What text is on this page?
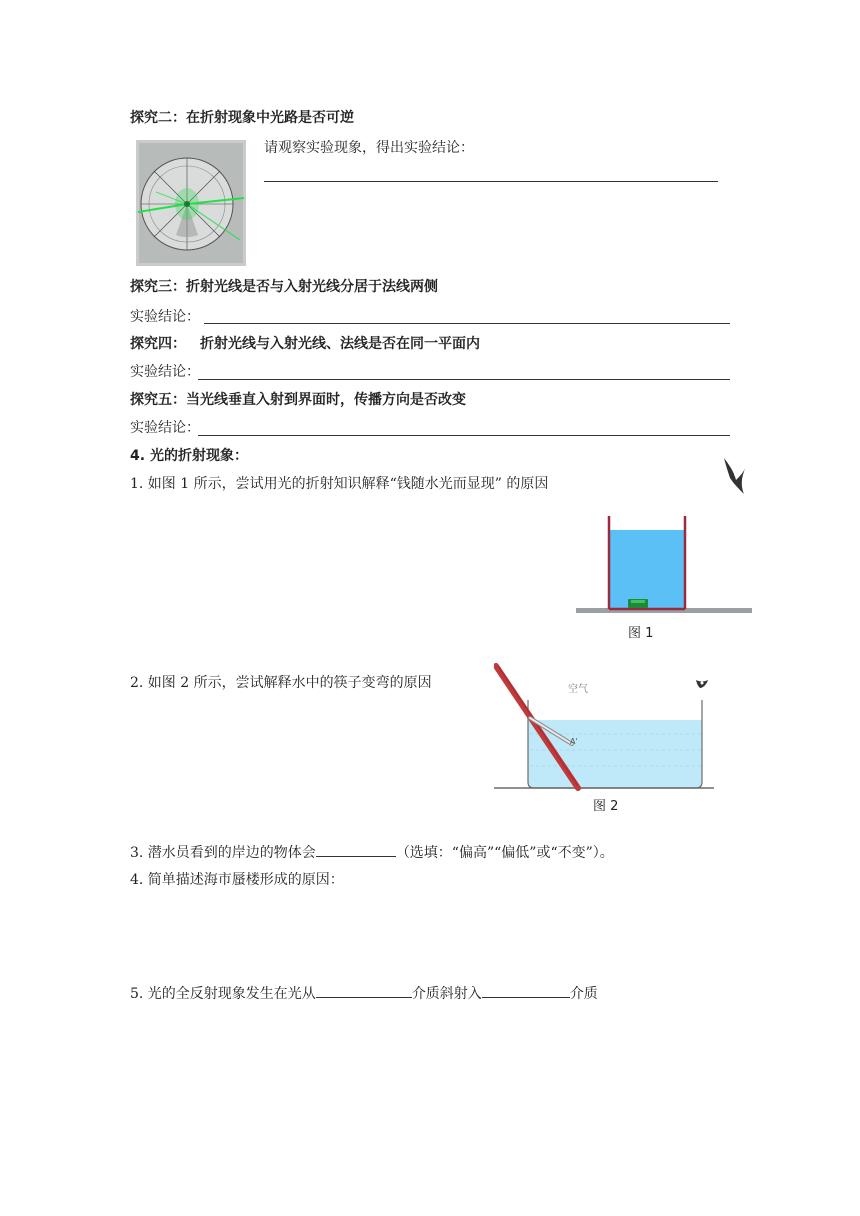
探究二：在折射现象中光路是否可逆
请观察实验现象，得出实验结论：
探究三：折射光线是否与入射光线分居于法线两侧
实验结论：
探究四： 折射光线与入射光线、法线是否在同一平面内
实验结论：
探究五：当光线垂直入射到界面时，传播方向是否改变
实验结论：
4. 光的折射现象：
1. 如图 1 所示，尝试用光的折射知识解释“钱随水光而显现” 的原因
图 1
2. 如图 2 所示，尝试解释水中的筷子变弯的原因	空气
A'
图 2
3. 潜水员看到的岸边的物体会	（选填：“偏高”“偏低”或“不变”）。
4. 简单描述海市蜃楼形成的原因：
5. 光的全反射现象发生在光从	介质斜射入	介质
